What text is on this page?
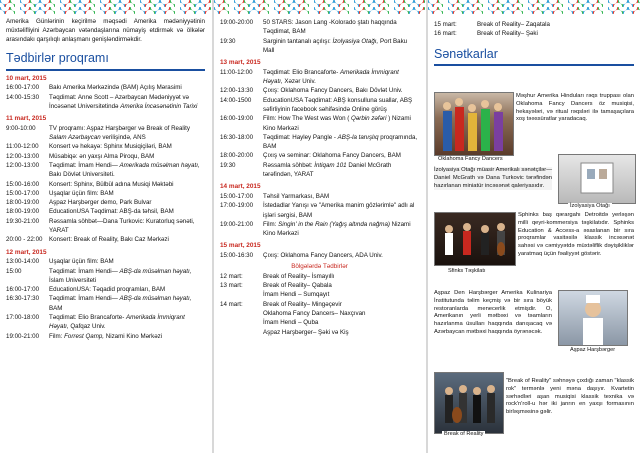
Amerika Günlərinin keçirilmə məqsədi Amerika mədəniyyətinin müxtəlifliyini Azərbaycan vətəndaşlarına nümayiş etdirmək və ölkələr arasındakı qarşılıqlı anlaşmanı genişləndirməkdir.
Tədbirlər proqramı
10 mart, 2015
16:00-17:00	Bakı Amerika Mərkəzində (BAM) Açılış Mərasimi
14:00-15:30	Təqdimat: Anne Scott – Azərbaycan Mədəniyyət və İncəsənət Universitetində Amerika İncəsənətinin Tarixi
11 mart, 2015
9:00-10:00	TV proqramı: Aşpaz Harşbərger və Break of Reality Salam Azərbaycan verilişində, ANS
11:00-12:00	Konsert və hekayə: Sphinx Musiqiçiləri, BAM
12:00-13:00	Müsabiqə: ən yaxşı Alma Piroqu, BAM
12:00-13:00	Təqdimat: İmam Hendi— Amerikada müsəlman hayatı, Bakı Dövlət Universiteti.
15:00-16:00	Konsert: Sphinx, Bülbül adına Musiqi Məktəbi
15:00-17:00	Uşaqlar üçün film: BAM
18:00-19:00	Aşpaz Harşbərger demo, Park Bulvar
18:00-19:00	EducationUSA Təqdimat: ABŞ-da təhsil, BAM
19:30-21:00	Rəssamla söhbət—Dana Turkovic: Kuratorluq sənəti, YARAT
20:00 - 22:00	Konsert: Break of Reality, Bakı Caz Mərkəzi
12 mart, 2015
13:00-14:00	Uşaqlar üçün film: BAM
15:00	Təqdimat: İmam Hendi— ABŞ-da müsəlman həyatı, İslam Universiteti
16:00-17:00	EducationUSA: Təqadid proqramları, BAM
16:30-17:30	Təqdimat: İmam Hendi— ABŞ-da müsəlman həyatı, BAM
17:00-18:00	Təqdimat: Elio Brancaforte- Amerikada İmmiqrant Həyatı, Qafqaz Univ.
19:00-21:00	Film: Forrest Qamp, Nizami Kino Mərkəzi
19:00-20:00	50 STARS: Jason Lang -Kolorado ştatı haqqında Təqdimat, BAM
19:30	Sarginin tantanalı açılışı: İzolyasiya Otağı, Port Baku Mall
13 mart, 2015
11:00-12:00	Təqdimat: Elio Brancaforte- Amerikada İmmiqrant Həyatı, Xəzər Univ.
12:00-13:30	Çıxış: Oklahoma Fancy Dancers, Bakı Dövlət Univ.
14:00-1500	EducationUSA Təqdimat: ABŞ konsulluna suallar, ABŞ səfirliyinin facebook səhifəsində Online görüş
16:00-19:00	Film: How The West was Won ( Qərbin zəfəri ) Nizami Kino Mərkəzi
16:30-18:00	Təqdimat: Hayley Pangle - ABŞ-la tanışlıq proqramında, BAM
18:00-20:00	Çıxış və seminar: Oklahoma Fancy Dancers, BAM
19:30	Rəssamla söhbət: İntiqam 101 Daniel McGrath tərəfindən, YARAT
14 mart, 2015
15:00-17:00	Təhsil Yarmarkası, BAM
17:00-19:00	İstedadlar Yanışı və "Amerika manim gözlərimlə" adlı al işləri sərgisi, BAM
19:00-21:00	Film: Singin' in the Rain (Yağış altında nağma) Nizami Kino Mərkəzi
15 mart, 2015
15:00-16:30	Çıxış: Oklahoma Fancy Dancers, ADA Univ.
Bölgələrdə Tədbirlər
12 mart:	Break of Reality– İsmayıllı
13 mart:	Break of Reality– Qabala
İmam Hendi – Sumqayıt
14 mart:	Break of Reality– Mingəçevir
Oklahoma Fancy Dancers– Naxçıvan
İmam Hendi – Quba
Aşpaz Harşbərger– Şəki və Kiş
15 mart:	Break of Reality– Zaqatala
16 mart:	Break of Reality– Şəki
Sənətkarlar
Oklahoma Fancy Dancers
Məşhur Amerika Hinduları rəqs truppası olan Oklahoma Fancy Dancers öz musiqisi, hekayələri, və ritual rəqsləri ilə tamaşaçılara xoş təəssüratlar yaradacaq.
İzolyasiya Otağı müasir Amerikalı sənətçilər— Daniel McGrath və Dana Turkovic tərəfindən hazırlanan miniatür incəsənət qaleriyasıdır.
İzolyasiya Otağı
Sfinks Təşkilatı
Sphinks baş qərargahı Detroitdə yerləşən milli qeyri-kommersiya təşkilatıdır. Sphinks Education & Access-a əsaslanan bir sıra proqramlar vasitəsilə klassik incəsənət sahəsi və cəmiyyətdə müxtəliflik dəyişikliklər yaratmaq üçün fəaliyyət göstərir.
Aşpaz Den Harşbərger Amerika Kulinariya İnstitutunda təlim keçmiş və bir sıra böyük restoranlarda menecerlik etmişdir. O, Amerikanın yerli mətbəxi və təamların hazırlanma üsulları haqqında danışacaq və Azərbaycan mətbəxi haqqında öyrənəcək.
Aşpaz Harşbərger
Break of Reality
"Break of Reality" səhnəyə çıxdığı zaman "klassik rok" termənlə yeni məna daşıyır. Kvartetin sərhədləri aşan musiqisi klassik texnika və rock'n'roll-u hər iki janrın en yaxşı formasının birləşməsinə gəlir.
